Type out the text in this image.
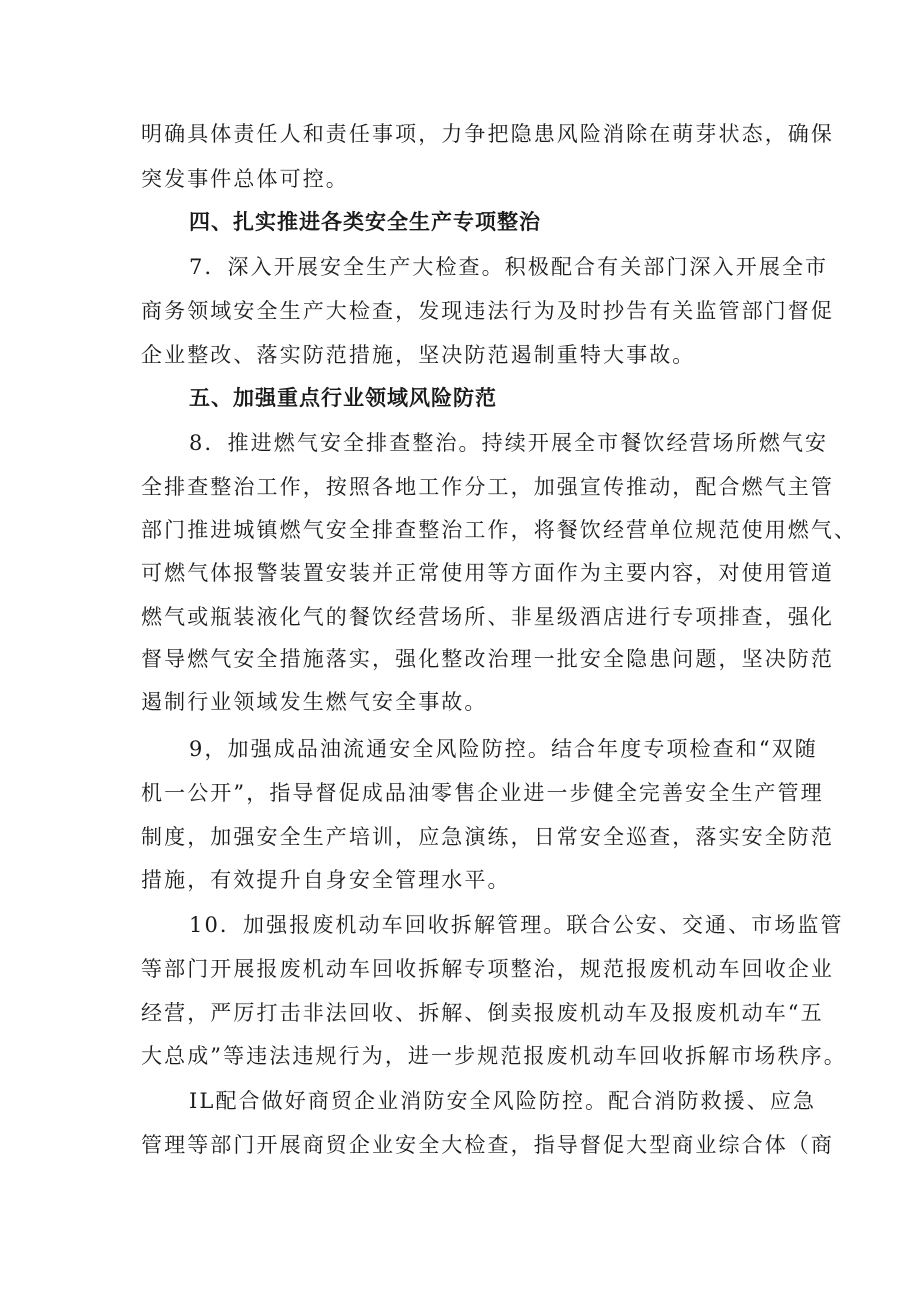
明确具体责任人和责任事项，力争把隐患风险消除在萌芽状态，确保
突发事件总体可控。
四、扎实推进各类安全生产专项整治
7．深入开展安全生产大检查。积极配合有关部门深入开展全市
商务领域安全生产大检查，发现违法行为及时抄告有关监管部门督促
企业整改、落实防范措施，坚决防范遏制重特大事故。
五、加强重点行业领域风险防范
8．推进燃气安全排查整治。持续开展全市餐饮经营场所燃气安
全排查整治工作，按照各地工作分工，加强宣传推动，配合燃气主管
部门推进城镇燃气安全排查整治工作，将餐饮经营单位规范使用燃气、
可燃气体报警装置安装并正常使用等方面作为主要内容，对使用管道
燃气或瓶装液化气的餐饮经营场所、非星级酒店进行专项排查，强化
督导燃气安全措施落实，强化整改治理一批安全隐患问题，坚决防范
遏制行业领域发生燃气安全事故。
9，加强成品油流通安全风险防控。结合年度专项检查和“双随
机一公开”，指导督促成品油零售企业进一步健全完善安全生产管理
制度，加强安全生产培训，应急演练，日常安全巡查，落实安全防范
措施，有效提升自身安全管理水平。
10．加强报废机动车回收拆解管理。联合公安、交通、市场监管
等部门开展报废机动车回收拆解专项整治，规范报废机动车回收企业
经营，严厉打击非法回收、拆解、倒卖报废机动车及报废机动车“五
大总成”等违法违规行为，进一步规范报废机动车回收拆解市场秩序。
IL配合做好商贸企业消防安全风险防控。配合消防救援、应急
管理等部门开展商贸企业安全大检查，指导督促大型商业综合体（商
